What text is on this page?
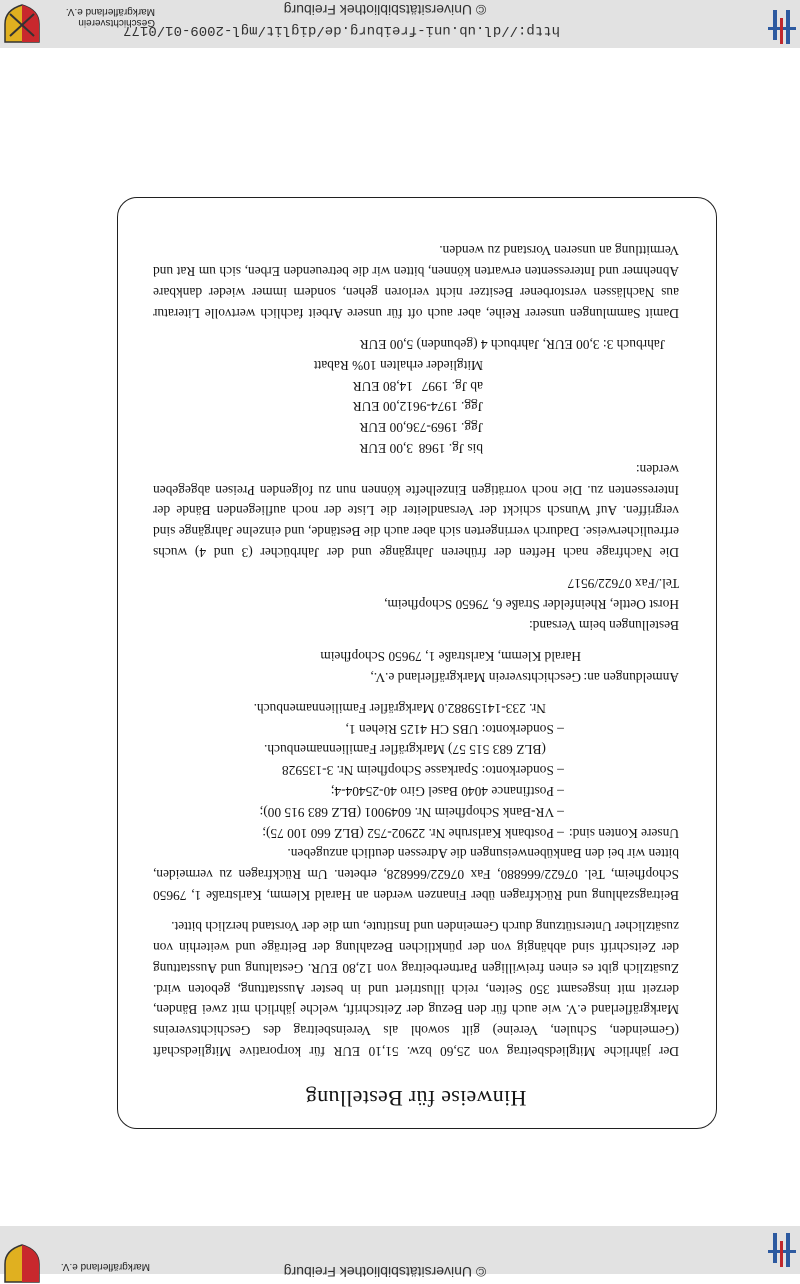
© Universitätsbibliothek Freiburg
Markgräflerland e.V.
Hinweise für Bestellung

Der jährliche Mitgliedsbeitrag von 25,60 bzw. 51,10 EUR für korporative Mitgliedschaft (Gemeinden, Schulen, Vereine) gilt sowohl als Vereinsbeitrag des Geschichtsvereins Markgräflerland e.V. wie auch für den Bezug der Zeitschrift, welche jährlich mit zwei Bänden, derzeit mit insgesamt 350 Seiten, reich illustriert und in bester Ausstattung, geboten wird. Zusätzlich gibt es einen freiwilligen Partnerbeitrag von 12,80 EUR. Gestaltung und Ausstattung der Zeitschrift sind abhängig von der pünktlichen Bezahlung der Beiträge und weiterhin von zusätzlicher Unterstützung durch Gemeinden und Institute, um die der Vorstand herzlich bittet.

Beitragszahlung und Rückfragen über Finanzen werden an Harald Klemm, Karlstraße 1, 79650 Schopfheim, Tel. 07622/666880, Fax 07622/666828, erbeten. Um Rückfragen zu vermeiden, bitten wir bei den Bankübenweisungen die Adressen deutlich anzugeben.

Unsere Konten sind:
– Postbank Karlsruhe Nr. 22902-752 (BLZ 660 100 75);
– VR-Bank Schopfheim Nr. 6049001 (BLZ 683 915 00);
– Postfinance 4040 Basel Giro 40-25404-4;
– Sonderkonto: Sparkasse Schopfheim Nr. 3-135928
(BLZ 683 515 57) Markgräfler Familiennamenbuch.
– Sonderkonto: UBS CH 4125 Riehen 1,
Nr. 233-14159882.0 Markgräfler Familiennamenbuch.
Anmeldungen an:
Geschichtsverein Markgräflerland e.V.,
Harald Klemm, Karlstraße 1, 79650 Schopfheim
Bestellungen beim Versand:
Horst Oettle, Rheinfelder Straße 6, 79650 Schopfheim,
Tel./Fax 07622/9517

Die Nachfrage nach Heften der früheren Jahrgänge und der Jahrbücher (3 und 4) wuchs erfreulicherweise. Dadurch verringerten sich aber auch die Bestände, und einzelne Jahrgänge sind vergriffen. Auf Wunsch schickt der Versandleiter die Liste der noch aufliegenden Bände der Interessenten zu. Die noch vorrätigen Einzelhefte können nun zu folgenden Preisen abgegeben werden:

bis Jg. 1968	3,00 EUR
Jgg. 1969-73	6,00 EUR
Jgg. 1974-96	12,00 EUR
ab Jg. 1997	14,80 EUR
Mitglieder erhalten 10% Rabatt
Jahrbuch 3: 3,00 EUR, Jahrbuch 4 (gebunden) 5,00 EUR

Damit Sammlungen unserer Reihe, aber auch oft für unsere Arbeit fachlich wertvolle Literatur aus Nachlässen verstorbener Besitzer nicht verloren gehen, sondern immer wieder dankbare Abnehmer und Interessenten erwarten können, bitten wir die betreuenden Erben, sich um Rat und Vermittlung an unseren Vorstand zu wenden.

Geschichtsverein
Markgräflerland e.V.
http://dl.ub.uni-freiburg.de/diglit/mgl-2009-01/0177
© Universitätsbibliothek Freiburg
